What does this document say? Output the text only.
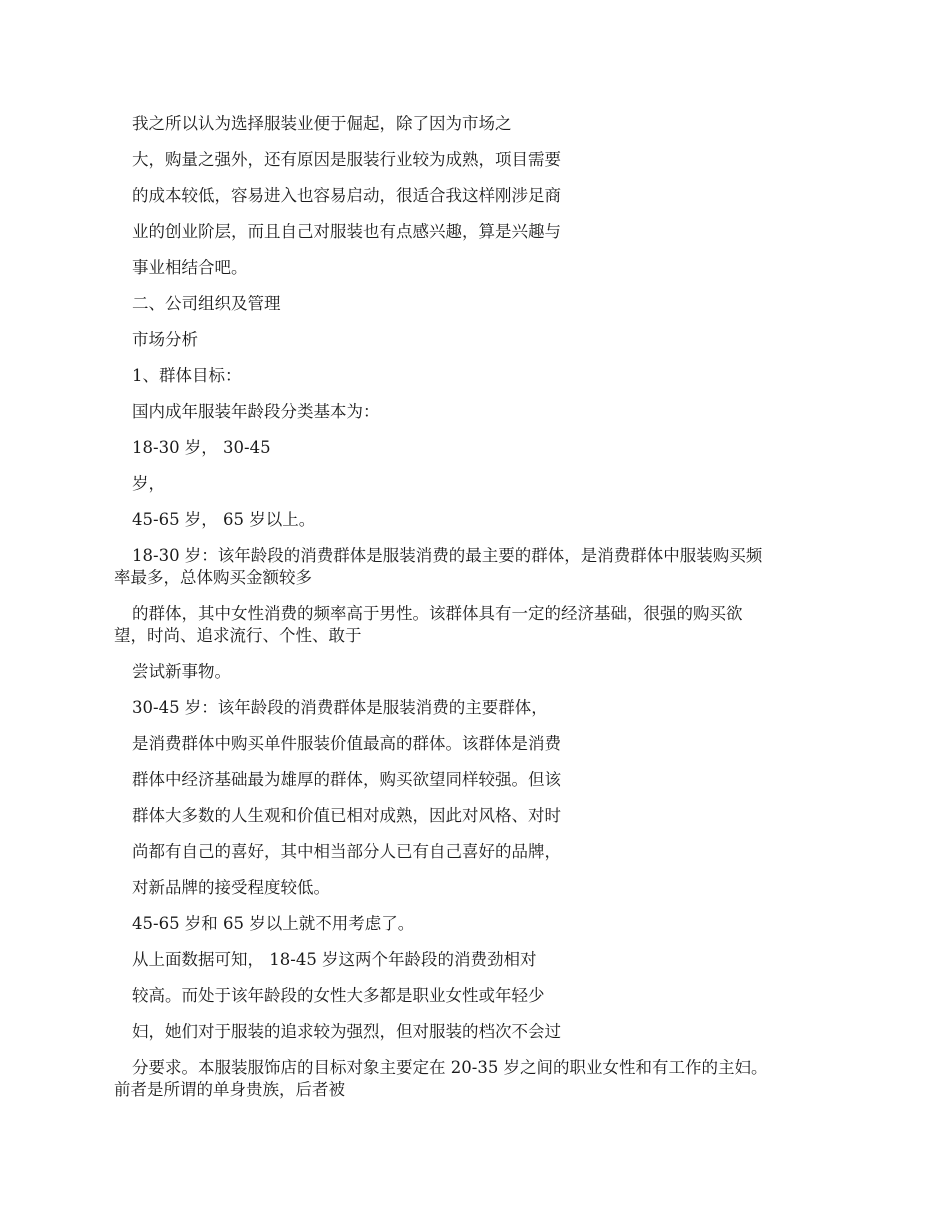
我之所以认为选择服装业便于倔起，除了因为市场之

大，购量之强外，还有原因是服装行业较为成熟，项目需要

的成本较低，容易进入也容易启动，很适合我这样刚涉足商

业的创业阶层，而且自己对服装也有点感兴趣，算是兴趣与

事业相结合吧。

二、公司组织及管理

市场分析

1、群体目标：

国内成年服装年龄段分类基本为：

18-30 岁， 30-45

岁，

45-65 岁， 65 岁以上。

18-30 岁：该年龄段的消费群体是服装消费的最主要的群体，是消费群体中服装购买频

率最多，总体购买金额较多

的群体，其中女性消费的频率高于男性。该群体具有一定的经济基础，很强的购买欲

望，时尚、追求流行、个性、敢于

尝试新事物。

30-45 岁：该年龄段的消费群体是服装消费的主要群体，

是消费群体中购买单件服装价值最高的群体。该群体是消费

群体中经济基础最为雄厚的群体，购买欲望同样较强。但该

群体大多数的人生观和价值已相对成熟，因此对风格、对时

尚都有自己的喜好，其中相当部分人已有自己喜好的品牌，

对新品牌的接受程度较低。

45-65 岁和 65 岁以上就不用考虑了。

从上面数据可知， 18-45 岁这两个年龄段的消费劲相对

较高。而处于该年龄段的女性大多都是职业女性或年轻少

妇，她们对于服装的追求较为强烈，但对服装的档次不会过

分要求。本服装服饰店的目标对象主要定在 20-35 岁之间的职业女性和有工作的主妇。

前者是所谓的单身贵族，后者被
